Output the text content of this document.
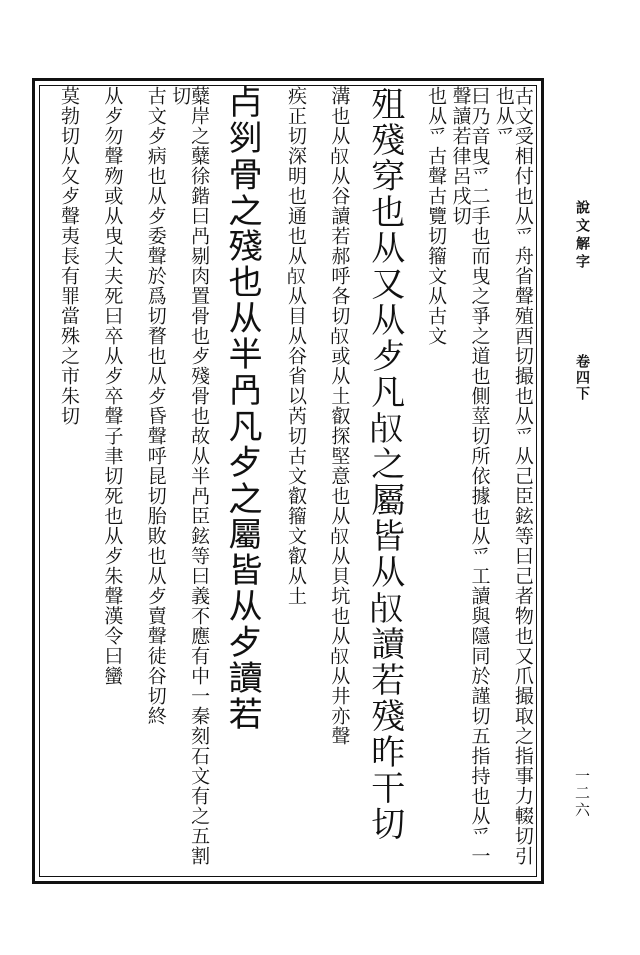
說文解字
卷四下
一二六
古文受相付也从爫舟省聲殖酉切撮也从爫从己臣鉉等曰己者物也又爪撮取之指事力輟切引也从爫
曰乃音曳爫二手也而曳之爭之道也側莖切所依據也从爫工讀與隱同於謹切五指持也从爫一聲讀若律呂戌切
也从爫古聲古覽切籀文从古文
殂殘穿也从又从歺凡𣦻之屬皆从𣦻讀若殘昨干切
溝也从𣦻从谷讀若郝呼各切𣦻或从土叡探堅意也从𣦻从貝坑也从𣦻从井亦聲
疾正切深明也通也从𣦻从目从谷省以芮切古文叡籀文叡从土
𣦵𠛱骨之殘也从半冎凡歺之屬皆从歺讀若
糵岸之糵徐鍇曰冎剔肉置骨也歺殘骨也故从半冎臣鉉等曰義不應有中一秦刻石文有之五割切
古文歺病也从歺委聲於爲切瞀也从歺昏聲呼昆切胎敗也从歺賣聲徒谷切終
从歺勿聲歾或从曳大夫死曰卒从歺卒聲子聿切死也从歺朱聲漢令曰蠻
莫勃切从夂歺聲夷長有罪當殊之市朱切
